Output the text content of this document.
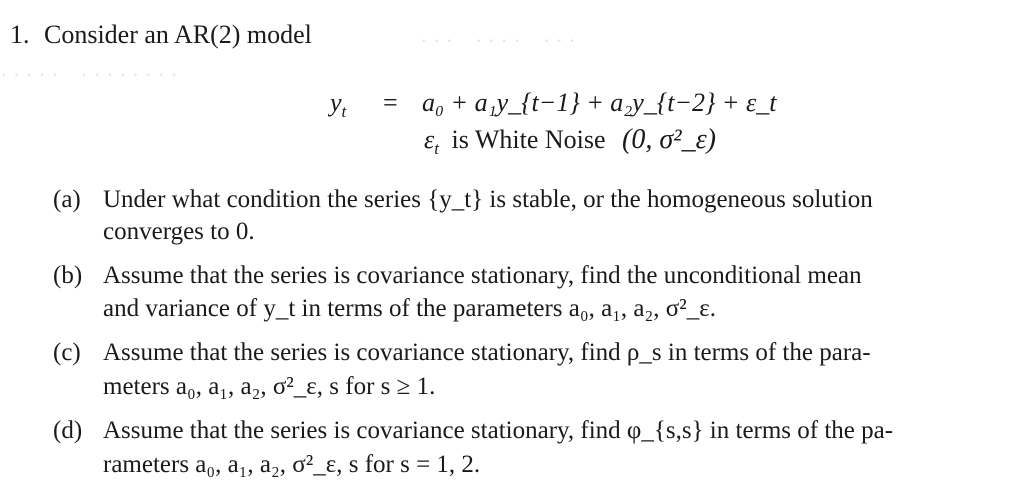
· · ·    · · · ·    · · ·
· · · · ·    · · · · · · · ·
1. Consider an AR(2) model
$y_t = a_0$ + a₁y_{t−1} + a₂y_{t−2} + ε_t
$\varepsilon_t$ is White Noise (0, σ²_ε)
(a) Under what condition the series {y_t} is stable, or the homogeneous solution
converges to 0.
(b) Assume that the series is covariance stationary, find the unconditional mean
and variance of y_t in terms of the parameters a₀, a₁, a₂, σ²_ε.
(c) Assume that the series is covariance stationary, find ρ_s in terms of the para-
meters a₀, a₁, a₂, σ²_ε, s for s ≥ 1.
(d) Assume that the series is covariance stationary, find φ_{s,s} in terms of the pa-
rameters a₀, a₁, a₂, σ²_ε, s for s = 1, 2.
